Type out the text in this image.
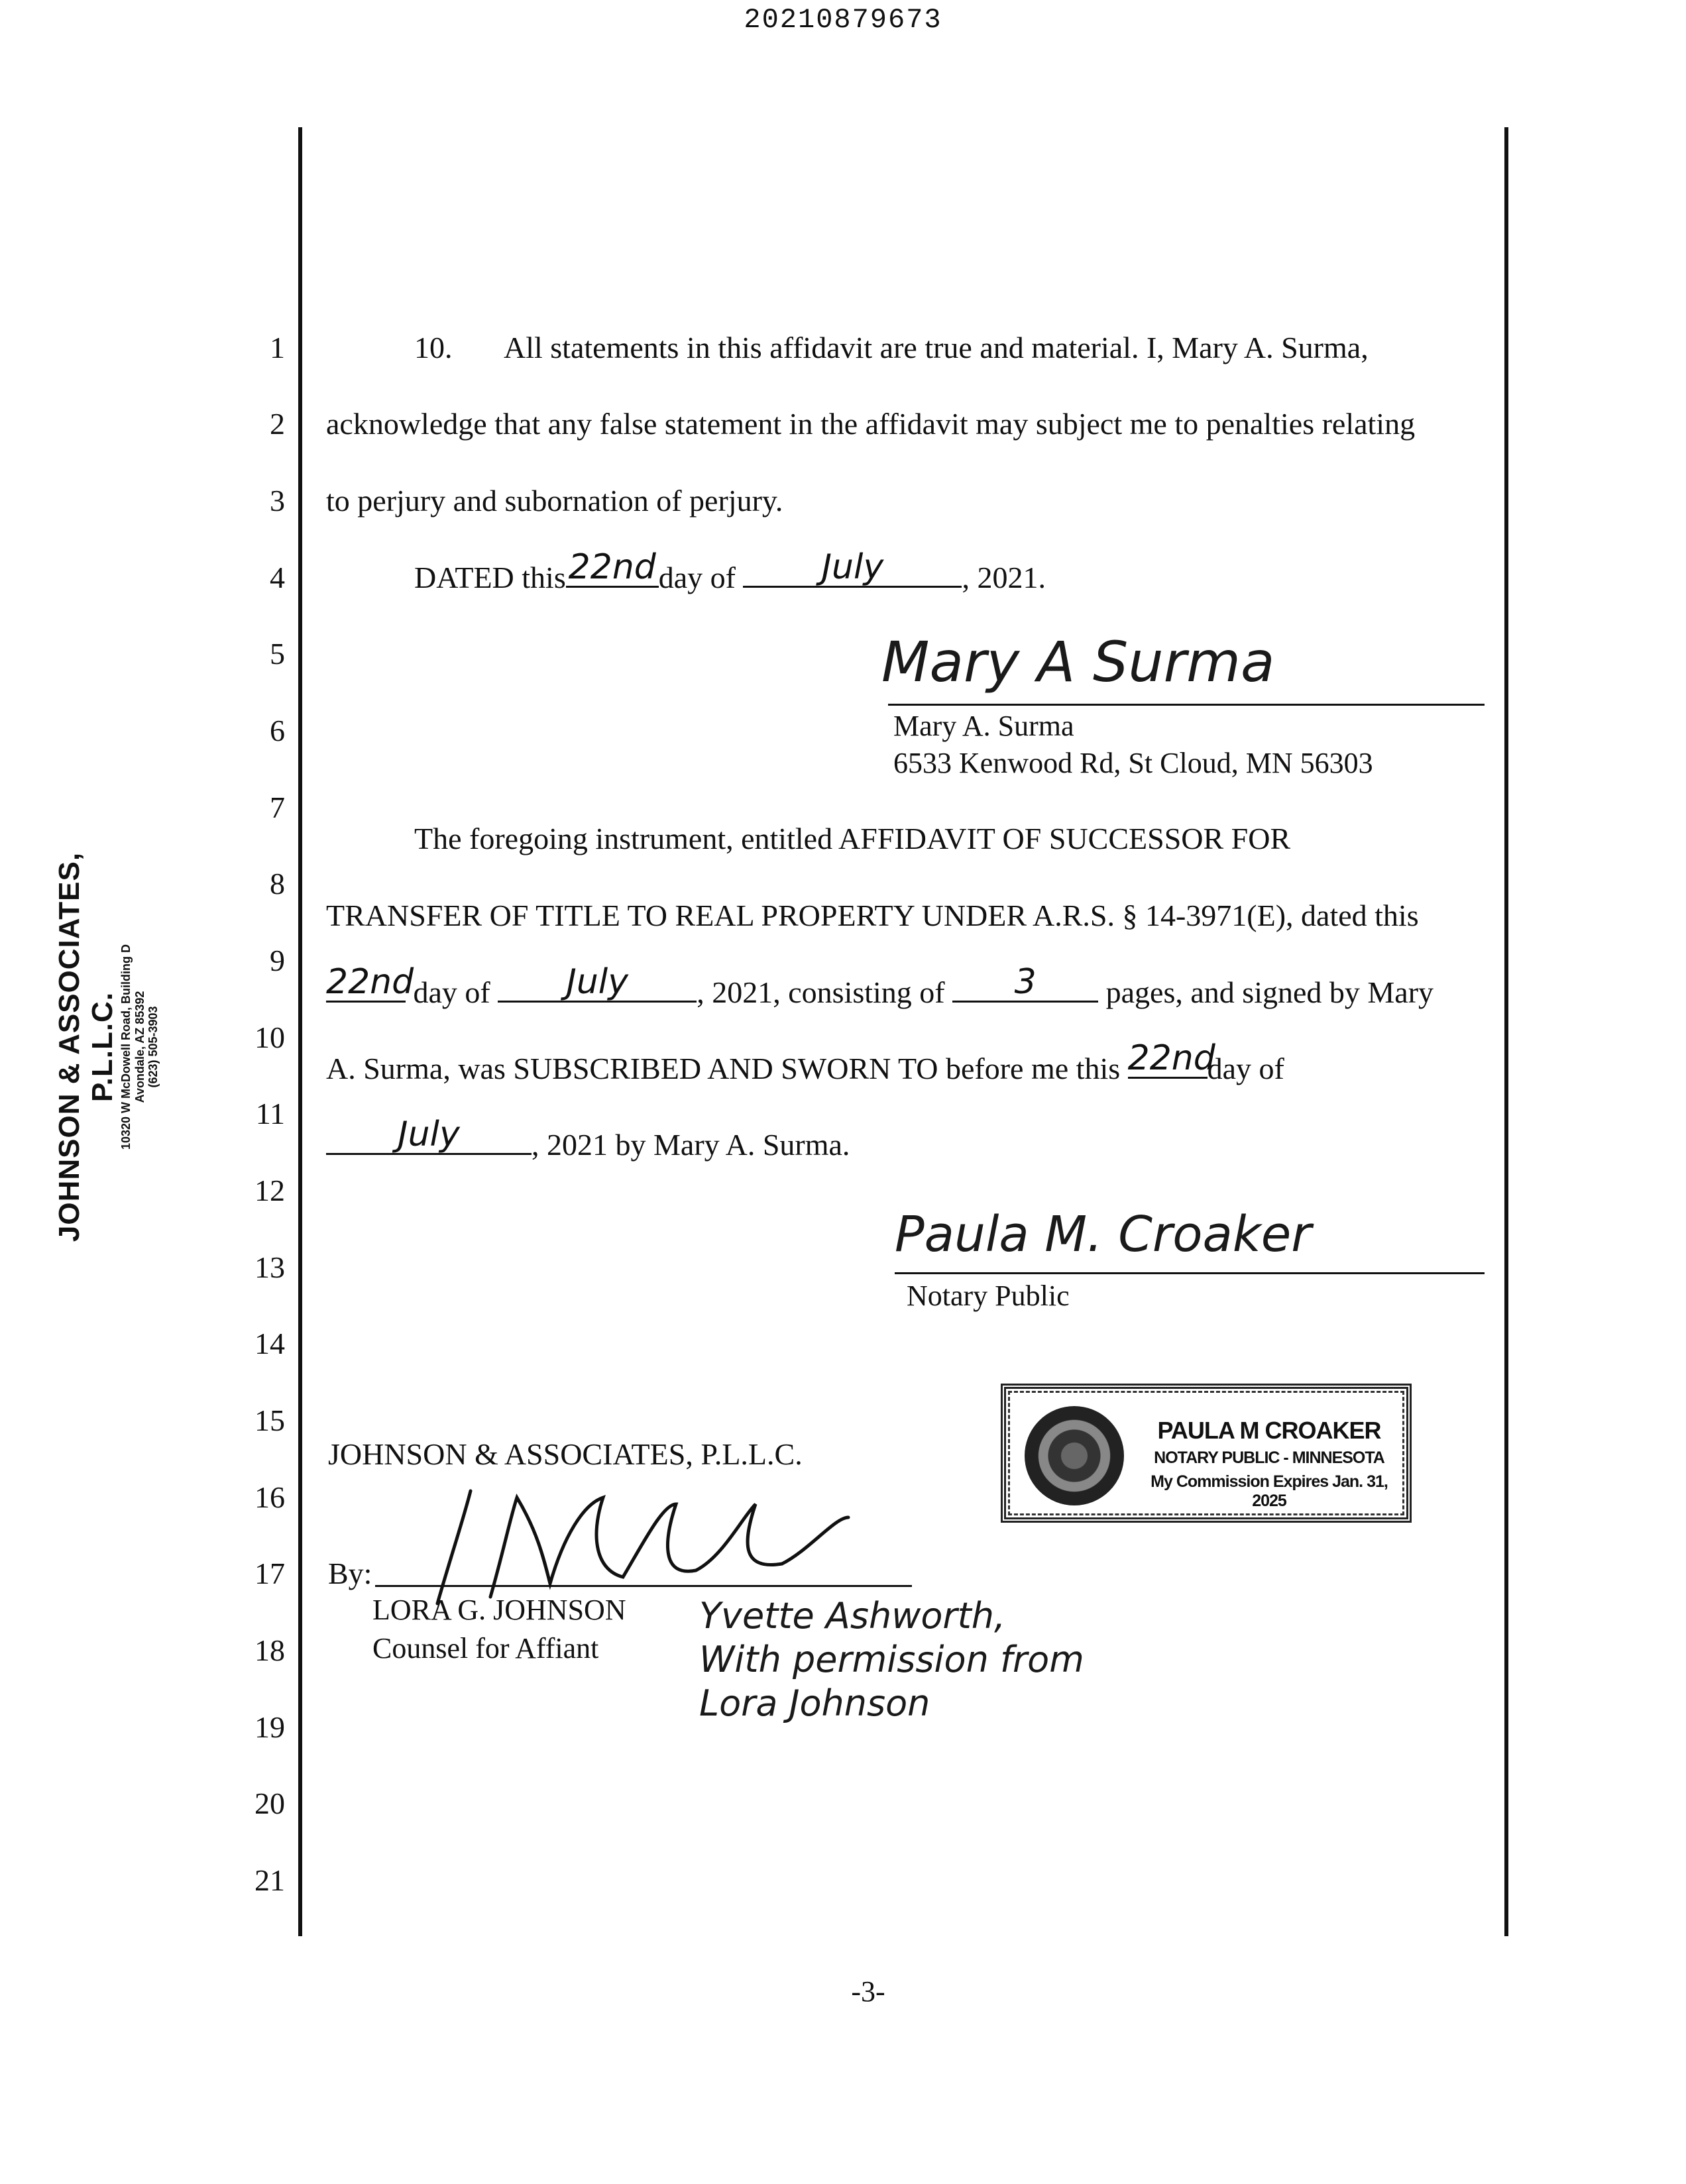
20210879673
JOHNSON & ASSOCIATES, P.L.L.C. 10320 W McDowell Road, Building D Avondale, AZ 85392 (623) 505-3903
1
2
3
4
5
6
7
8
9
10
11
12
13
14
15
16
17
18
19
20
21
10. All statements in this affidavit are true and material. I, Mary A. Surma,
acknowledge that any false statement in the affidavit may subject me to penalties relating
to perjury and subornation of perjury.
DATED this 22nd day of	July	, 2021.
Mary A Surma
Mary A. Surma
6533 Kenwood Rd, St Cloud, MN 56303
The foregoing instrument, entitled AFFIDAVIT OF SUCCESSOR FOR
TRANSFER OF TITLE TO REAL PROPERTY UNDER A.R.S. § 14-3971(E), dated this
22nd day of	July	, 2021, consisting of	3	pages, and signed by Mary
A. Surma, was SUBSCRIBED AND SWORN TO before me this 22nd
day of
July	, 2021 by Mary A. Surma.
Paula M. Croaker
Notary Public
PAULA M CROAKER
NOTARY PUBLIC - MINNESOTA
My Commission Expires Jan. 31, 2025
JOHNSON & ASSOCIATES, P.L.L.C.
By:
LORA G. JOHNSON
Counsel for Affiant
Yvette Ashworth,
With permission from
Lora Johnson
-3-
